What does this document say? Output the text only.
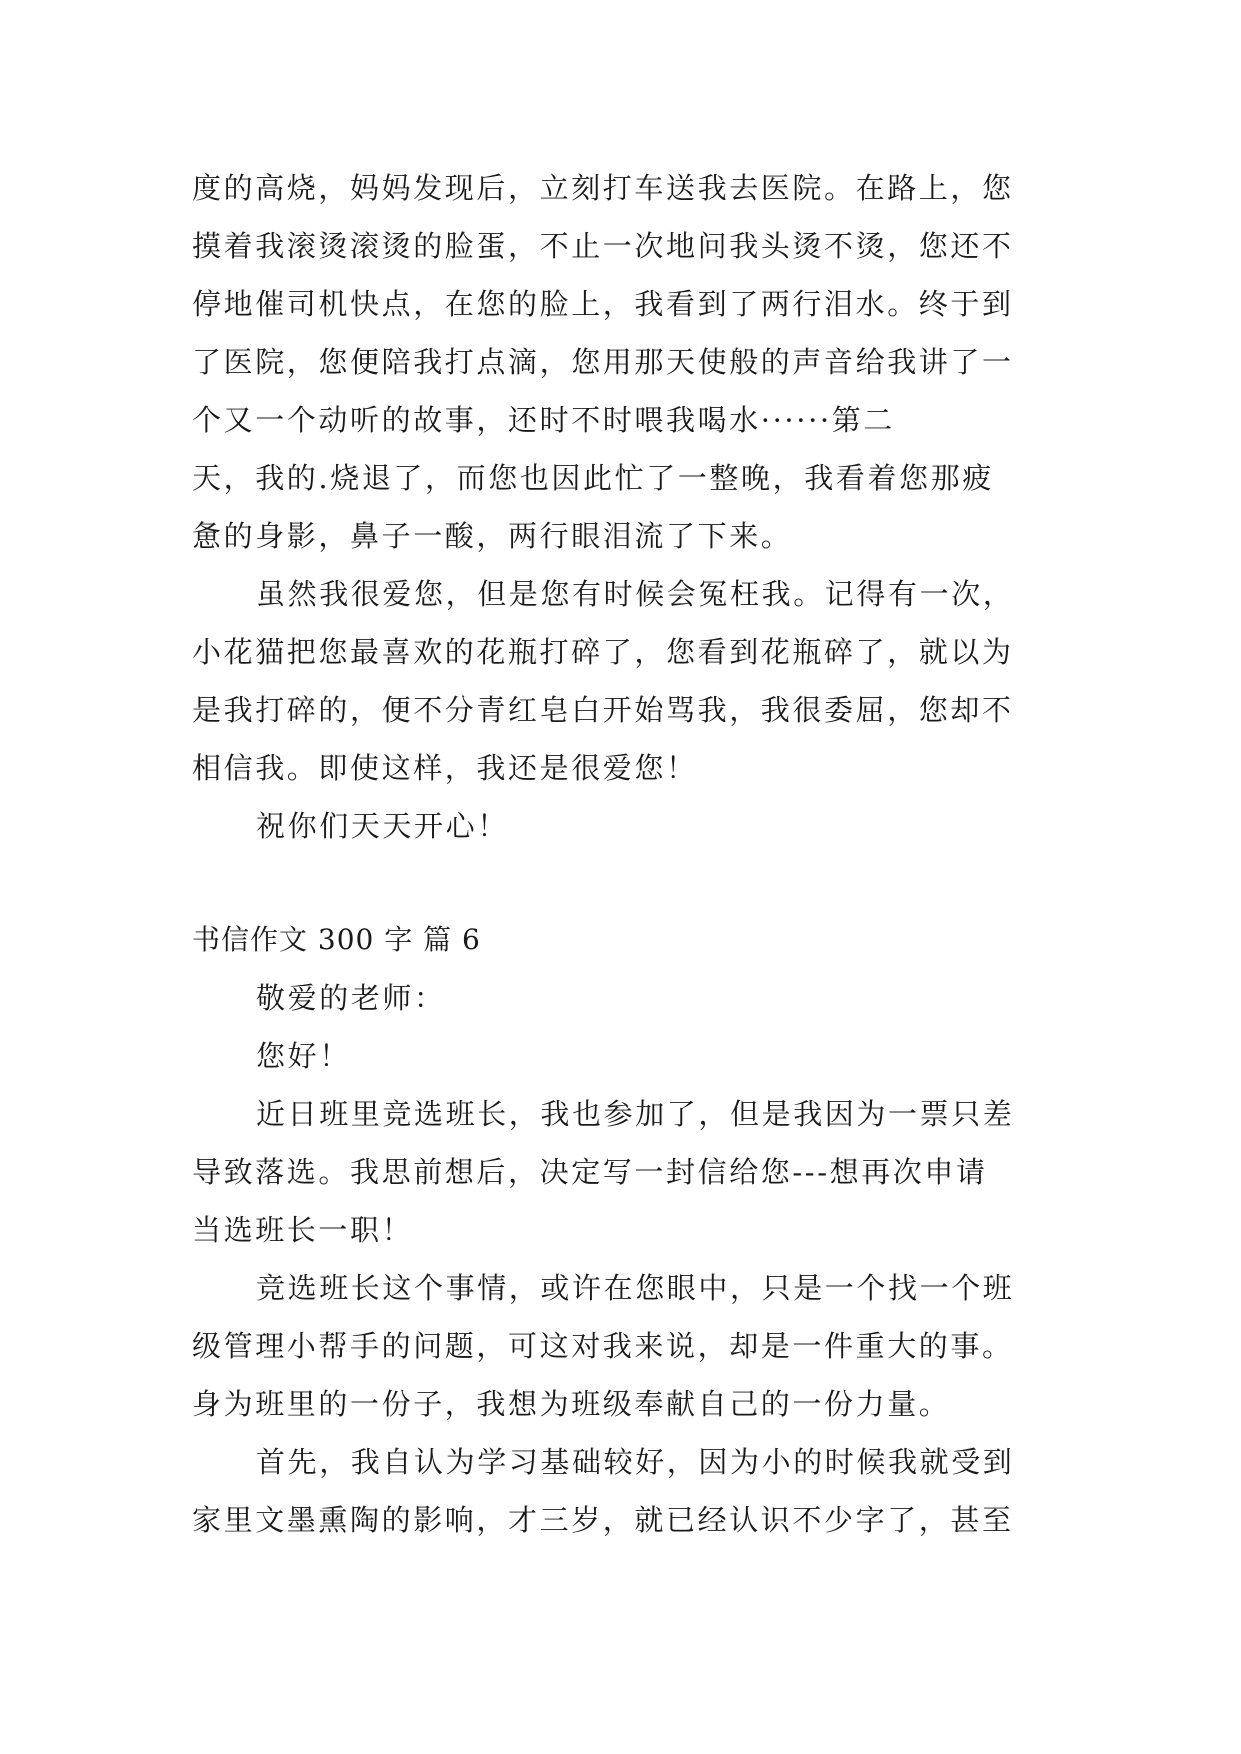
度的高烧，妈妈发现后，立刻打车送我去医院。在路上，您
摸着我滚烫滚烫的脸蛋，不止一次地问我头烫不烫，您还不
停地催司机快点，在您的脸上，我看到了两行泪水。终于到
了医院，您便陪我打点滴，您用那天使般的声音给我讲了一
个又一个动听的故事，还时不时喂我喝水······第二
天，我的.烧退了，而您也因此忙了一整晚，我看着您那疲
惫的身影，鼻子一酸，两行眼泪流了下来。
虽然我很爱您，但是您有时候会冤枉我。记得有一次，
小花猫把您最喜欢的花瓶打碎了，您看到花瓶碎了，就以为
是我打碎的，便不分青红皂白开始骂我，我很委屈，您却不
相信我。即使这样，我还是很爱您！
祝你们天天开心！
书信作文 300 字 篇 6
敬爱的老师：
您好！
近日班里竞选班长，我也参加了，但是我因为一票只差
导致落选。我思前想后，决定写一封信给您---想再次申请
当选班长一职！
竞选班长这个事情，或许在您眼中，只是一个找一个班
级管理小帮手的问题，可这对我来说，却是一件重大的事。
身为班里的一份子，我想为班级奉献自己的一份力量。
首先，我自认为学习基础较好，因为小的时候我就受到
家里文墨熏陶的影响，才三岁，就已经认识不少字了，甚至
